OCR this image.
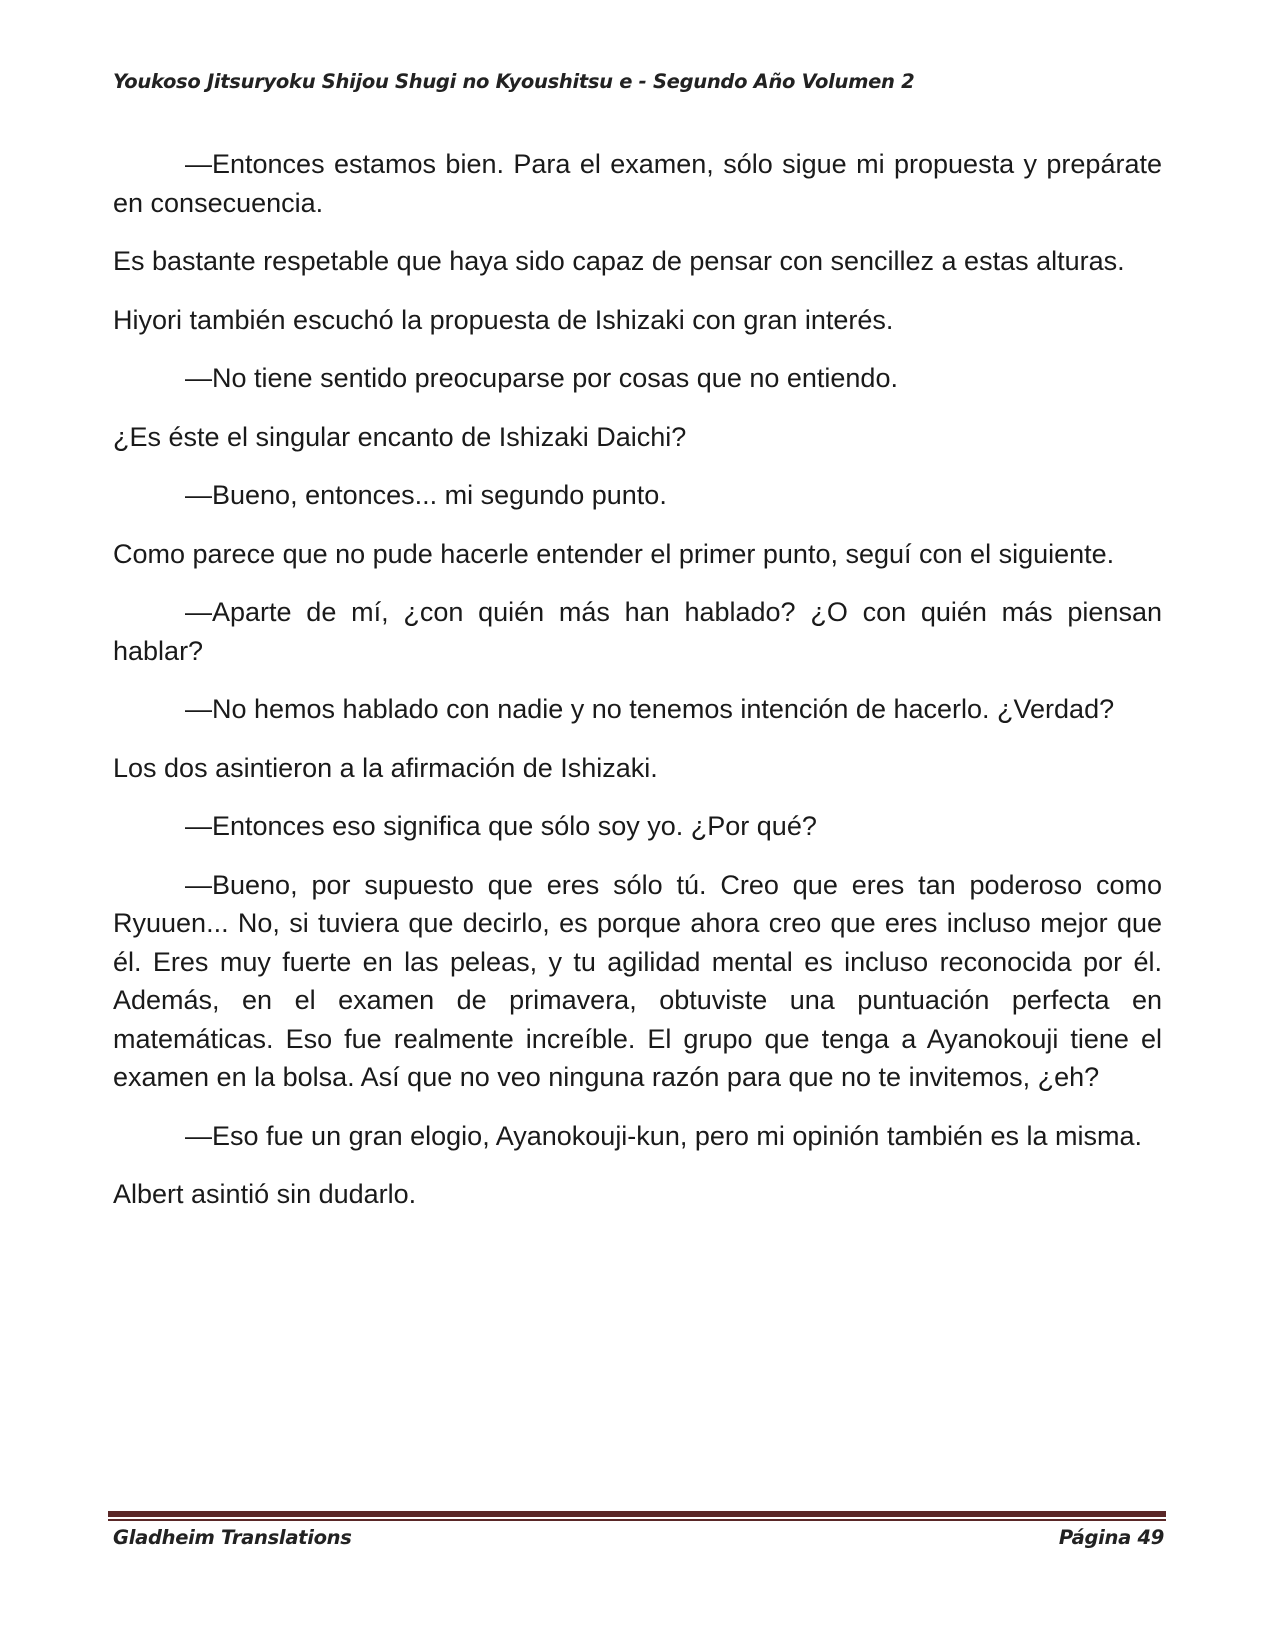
Youkoso Jitsuryoku Shijou Shugi no Kyoushitsu e - Segundo Año Volumen 2

—Entonces estamos bien. Para el examen, sólo sigue mi propuesta y prepárate en consecuencia.

Es bastante respetable que haya sido capaz de pensar con sencillez a estas alturas.

Hiyori también escuchó la propuesta de Ishizaki con gran interés.

—No tiene sentido preocuparse por cosas que no entiendo.

¿Es éste el singular encanto de Ishizaki Daichi?

—Bueno, entonces... mi segundo punto.

Como parece que no pude hacerle entender el primer punto, seguí con el siguiente.

—Aparte de mí, ¿con quién más han hablado? ¿O con quién más piensan hablar?

—No hemos hablado con nadie y no tenemos intención de hacerlo. ¿Verdad?

Los dos asintieron a la afirmación de Ishizaki.

—Entonces eso significa que sólo soy yo. ¿Por qué?

—Bueno, por supuesto que eres sólo tú. Creo que eres tan poderoso como Ryuuen... No, si tuviera que decirlo, es porque ahora creo que eres incluso mejor que él. Eres muy fuerte en las peleas, y tu agilidad mental es incluso reconocida por él. Además, en el examen de primavera, obtuviste una puntuación perfecta en matemáticas. Eso fue realmente increíble. El grupo que tenga a Ayanokouji tiene el examen en la bolsa. Así que no veo ninguna razón para que no te invitemos, ¿eh?

—Eso fue un gran elogio, Ayanokouji-kun, pero mi opinión también es la misma.

Albert asintió sin dudarlo.

Gladheim Translations	Página 49
